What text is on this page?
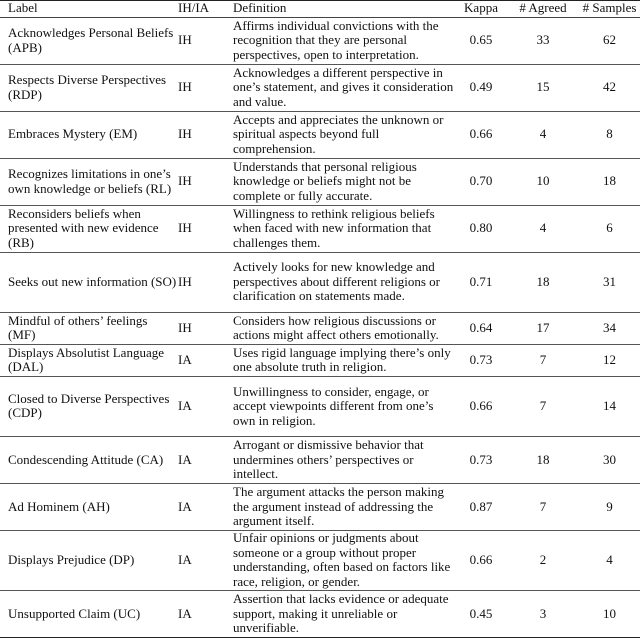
Label	IH/IA	Definition	Kappa	# Agreed	# Samples
Acknowledges Personal Beliefs (APB)	IH	Affirms individual convictions with the recognition that they are personal perspectives, open to interpretation.	0.65	33	62
Respects Diverse Perspectives (RDP)	IH	Acknowledges a different perspective in one’s statement, and gives it consideration and value.	0.49	15	42
Embraces Mystery (EM)	IH	Accepts and appreciates the unknown or spiritual aspects beyond full comprehension.	0.66	4	8
Recognizes limitations in one’s own knowledge or beliefs (RL)	IH	Understands that personal religious knowledge or beliefs might not be complete or fully accurate.	0.70	10	18
Reconsiders beliefs when presented with new evidence (RB)	IH	Willingness to rethink religious beliefs when faced with new information that challenges them.	0.80	4	6
Seeks out new information (SO)	IH	Actively looks for new knowledge and perspectives about different religions or clarification on statements made.	0.71	18	31
Mindful of others’ feelings (MF)	IH	Considers how religious discussions or actions might affect others emotionally.	0.64	17	34
Displays Absolutist Language (DAL)	IA	Uses rigid language implying there’s only one absolute truth in religion.	0.73	7	12
Closed to Diverse Perspectives (CDP)	IA	Unwillingness to consider, engage, or accept viewpoints different from one’s own in religion.	0.66	7	14
Condescending Attitude (CA)	IA	Arrogant or dismissive behavior that undermines others’ perspectives or intellect.	0.73	18	30
Ad Hominem (AH)	IA	The argument attacks the person making the argument instead of addressing the argument itself.	0.87	7	9
Displays Prejudice (DP)	IA	Unfair opinions or judgments about someone or a group without proper understanding, often based on factors like race, religion, or gender.	0.66	2	4
Unsupported Claim (UC)	IA	Assertion that lacks evidence or adequate support, making it unreliable or unverifiable.	0.45	3	10
